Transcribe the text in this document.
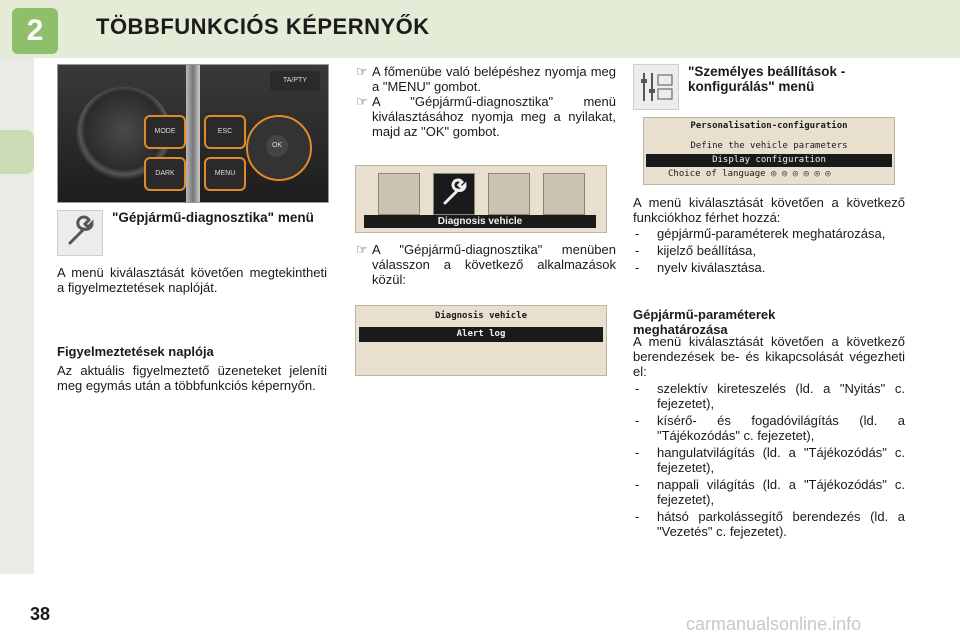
2	TÖBBFUNKCIÓS KÉPERNYŐK
MODE
DARK
ESC
MENU
TA/PTY
OK
"Gépjármű-diagnosztika" menü
A menü kiválasztását követően megtekintheti a figyelmeztetések naplóját.
Figyelmeztetések naplója
Az aktuális figyelmeztető üzeneteket jeleníti meg egymás után a többfunkciós képernyőn.
☞ A főmenübe való belépéshez nyomja meg a "MENU" gombot.
☞ A "Gépjármű-diagnosztika" menü kiválasztásához nyomja meg a nyilakat, majd az "OK" gombot.
Diagnosis vehicle
☞ A "Gépjármű-diagnosztika" menüben válasszon a következő alkalmazások közül:
Diagnosis vehicle
Alert log
"Személyes beállítások - konfigurálás" menü
Personalisation-configuration
Define the vehicle parameters
Display configuration
Choice of language ◎ ◎ ◎ ◎ ◎ ◎
A menü kiválasztását követően a következő funkciókhoz férhet hozzá:
- gépjármű-paraméterek meghatározása,
- kijelző beállítása,
- nyelv kiválasztása.
Gépjármű-paraméterek meghatározása
A menü kiválasztását követően a következő berendezések be- és kikapcsolását végezheti el:
- szelektív kireteszelés (ld. a "Nyitás" c. fejezetet),
- kísérő- és fogadóvilágítás (ld. a "Tájékozódás" c. fejezetet),
- hangulatvilágítás (ld. a "Tájékozódás" c. fejezetet),
- nappali világítás (ld. a "Tájékozódás" c. fejezetet),
- hátsó parkolássegítő berendezés (ld. a "Vezetés" c. fejezetet).
38	carmanualsonline.info
